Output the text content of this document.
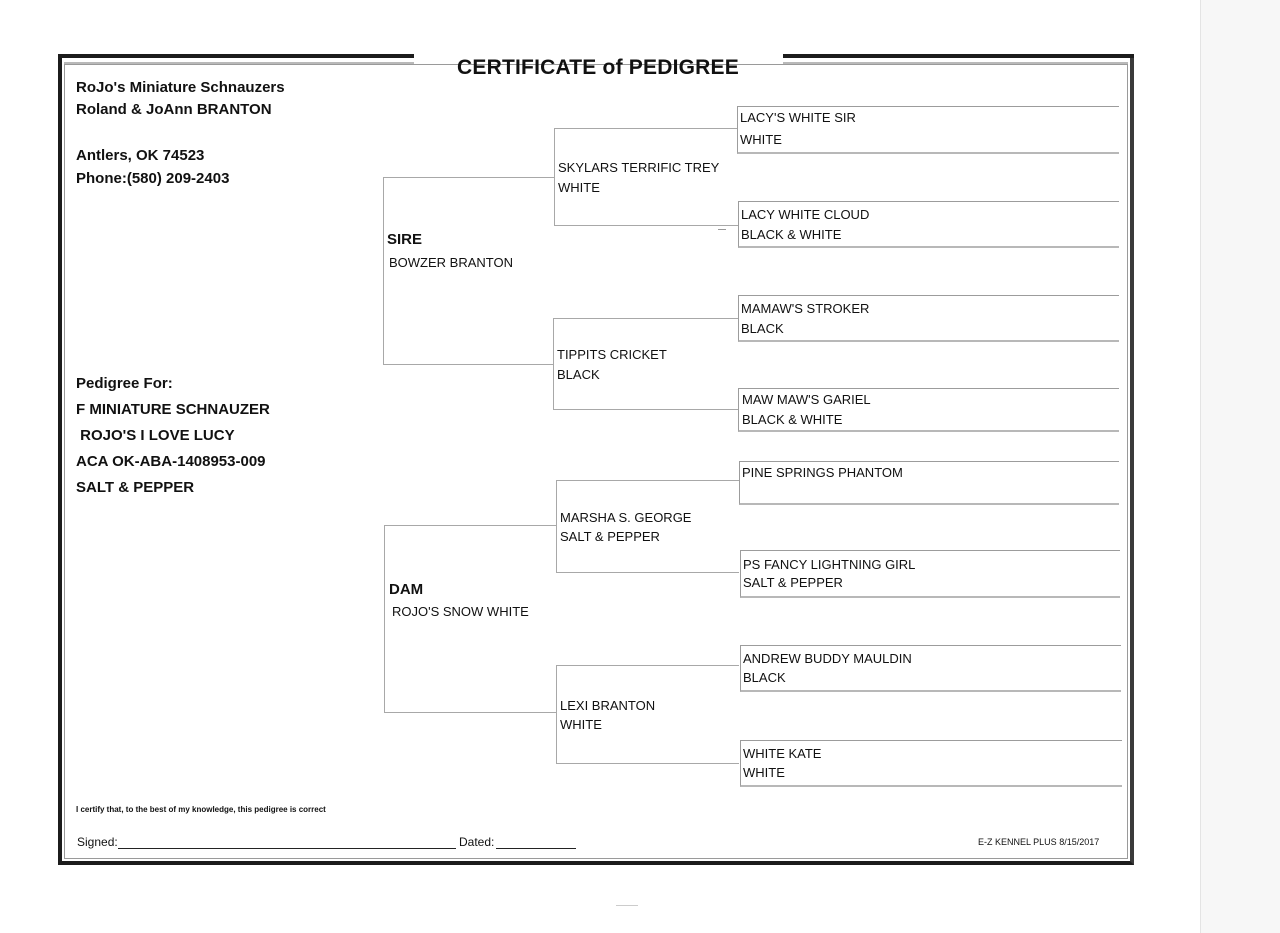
CERTIFICATE of PEDIGREE
RoJo's Miniature Schnauzers
Roland & JoAnn BRANTON
Antlers, OK 74523
Phone:(580) 209-2403
Pedigree For:
F MINIATURE SCHNAUZER
ROJO'S I LOVE LUCY
ACA OK-ABA-1408953-009
SALT & PEPPER
SIRE
BOWZER BRANTON
DAM
ROJO'S SNOW WHITE
SKYLARS TERRIFIC TREY
WHITE
TIPPITS CRICKET
BLACK
MARSHA S. GEORGE
SALT & PEPPER
LEXI BRANTON
WHITE
LACY'S WHITE SIR
WHITE
LACY WHITE CLOUD
BLACK & WHITE
MAMAW'S STROKER
BLACK
MAW MAW'S GARIEL
BLACK & WHITE
PINE SPRINGS PHANTOM
PS FANCY LIGHTNING GIRL
SALT & PEPPER
ANDREW BUDDY MAULDIN
BLACK
WHITE KATE
WHITE
I certify that, to the best of my knowledge, this pedigree is correct
Signed:	Dated:	E-Z KENNEL PLUS 8/15/2017
